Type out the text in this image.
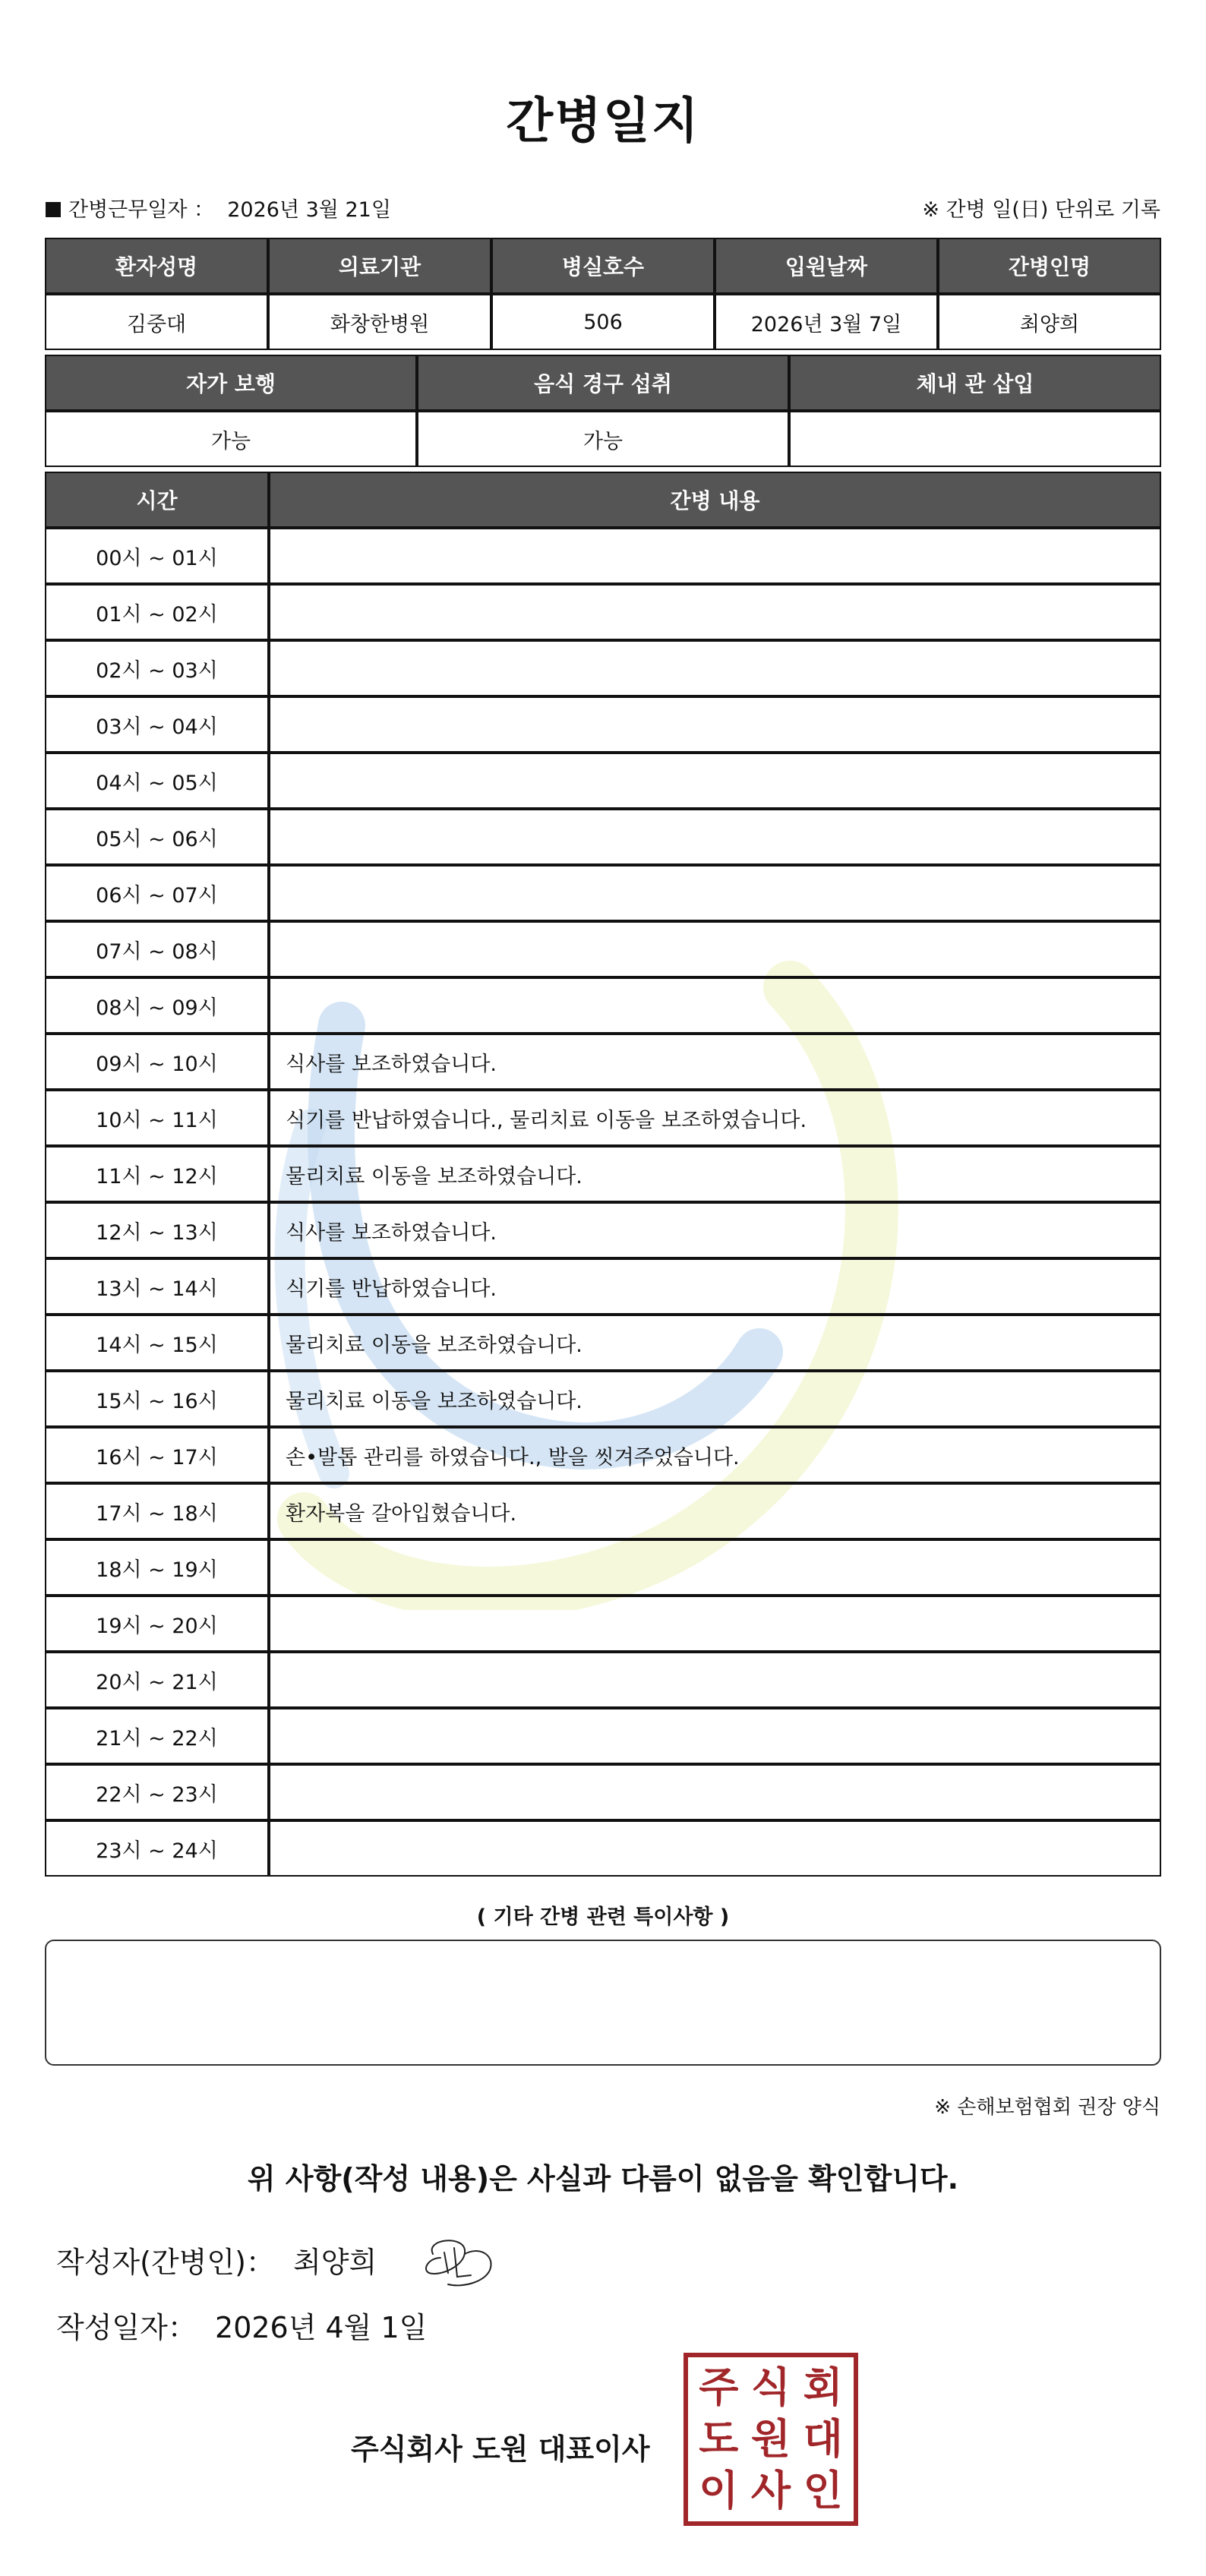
간병일지
간병근무일자 ： 2026년 3월 21일	※ 간병 일(日) 단위로 기록
환자성명	의료기관	병실호수	입원날짜	간병인명
김중대	화창한병원	506	2026년 3월 7일	최양희
자가 보행	음식 경구 섭취	체내 관 삽입
가능	가능
시간	간병 내용
00시 ~ 01시
01시 ~ 02시
02시 ~ 03시
03시 ~ 04시
04시 ~ 05시
05시 ~ 06시
06시 ~ 07시
07시 ~ 08시
08시 ~ 09시
09시 ~ 10시	식사를 보조하였습니다.
10시 ~ 11시	식기를 반납하였습니다., 물리치료 이동을 보조하였습니다.
11시 ~ 12시	물리치료 이동을 보조하였습니다.
12시 ~ 13시	식사를 보조하였습니다.
13시 ~ 14시	식기를 반납하였습니다.
14시 ~ 15시	물리치료 이동을 보조하였습니다.
15시 ~ 16시	물리치료 이동을 보조하였습니다.
16시 ~ 17시	손•발톱 관리를 하였습니다., 발을 씻겨주었습니다.
17시 ~ 18시	환자복을 갈아입혔습니다.
18시 ~ 19시
19시 ~ 20시
20시 ~ 21시
21시 ~ 22시
22시 ~ 23시
23시 ~ 24시
( 기타 간병 관련 특이사항 )
※ 손해보험협회 권장 양식
위 사항(작성 내용)은 사실과 다름이 없음을 확인합니다.
작성자(간병인)： 최양희
작성일자： 2026년 4월 1일
주식회사 도원 대표이사
주 식 회
도 원 대
이 사 인
